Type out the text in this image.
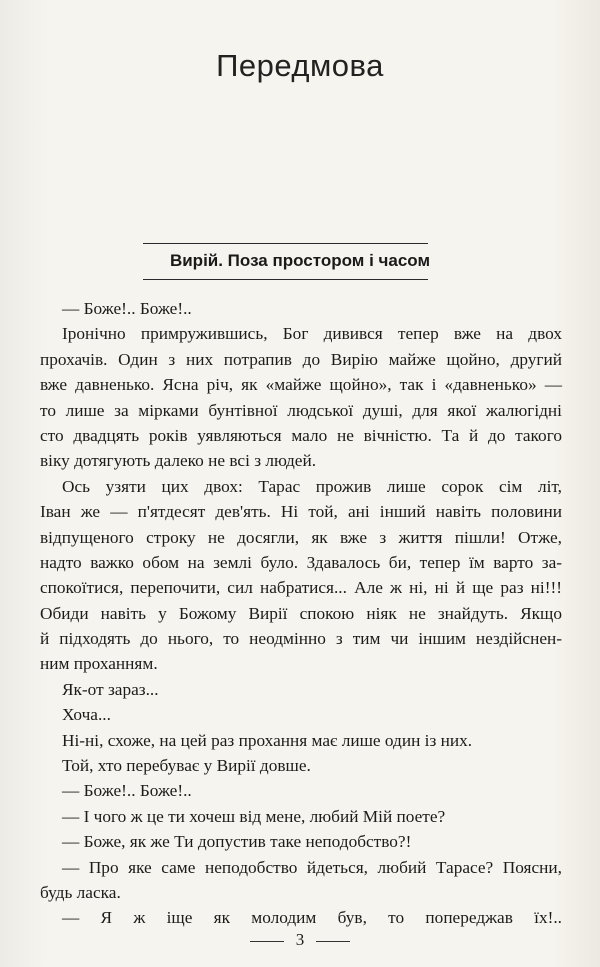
Передмова
Вирій. Поза простором і часом
— Боже!.. Боже!..
Іронічно примружившись, Бог дивився тепер вже на двох
прохачів. Один з них потрапив до Вирію майже щойно, другий
вже давненько. Ясна річ, як «майже щойно», так і «давненько» —
то лише за мірками бунтівної людської душі, для якої жалюгідні
сто двадцять років уявляються мало не вічністю. Та й до такого
віку дотягують далеко не всі з людей.
Ось узяти цих двох: Тарас прожив лише сорок сім літ,
Іван же — п'ятдесят дев'ять. Ні той, ані інший навіть половини
відпущеного строку не досягли, як вже з життя пішли! Отже,
надто важко обом на землі було. Здавалось би, тепер їм варто за-
спокоїтися, перепочити, сил набратися... Але ж ні, ні й ще раз ні!!!
Обиди навіть у Божому Вирії спокою ніяк не знайдуть. Якщо
й підходять до нього, то неодмінно з тим чи іншим нездійснен-
ним проханням.
Як-от зараз...
Хоча...
Ні-ні, схоже, на цей раз прохання має лише один із них.
Той, хто перебуває у Вирії довше.
— Боже!.. Боже!..
— І чого ж це ти хочеш від мене, любий Мій поете?
— Боже, як же Ти допустив таке неподобство?!
— Про яке саме неподобство йдеться, любий Тарасе? Поясни,
будь ласка.
— Я ж іще як молодим був, то попереджав їх!..
3
